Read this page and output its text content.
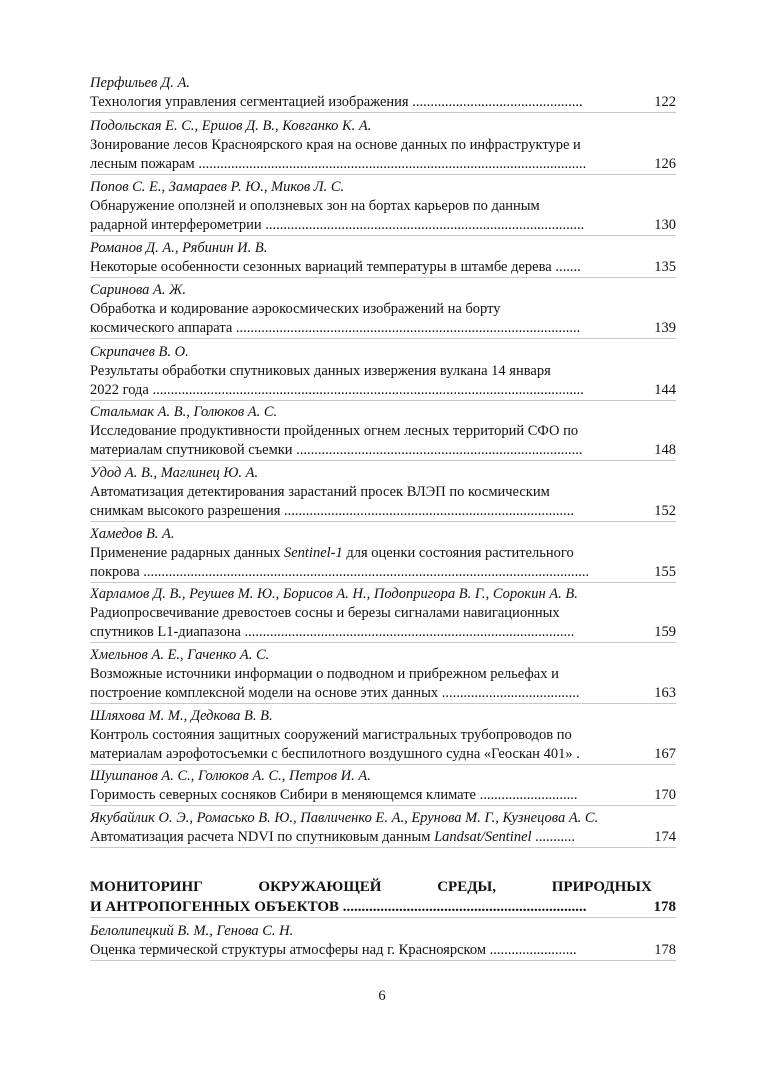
Перфильев Д. А.
Технология управления сегментацией изображения ...............................................	122
Подольская Е. С., Ершов Д. В., Ковганко К. А.
Зонирование лесов Красноярского края на основе данных по инфраструктуре и
лесным пожарам ...........................................................................................................	126
Попов С. Е., Замараев Р. Ю., Миков Л. С.
Обнаружение оползней и оползневых зон на бортах карьеров по данным
радарной интерферометрии ........................................................................................	130
Романов Д. А., Рябинин И. В.
Некоторые особенности сезонных вариаций температуры в штамбе дерева .......	135
Саринова А. Ж.
Обработка и кодирование аэрокосмических изображений на борту
космического аппарата ...............................................................................................	139
Скрипачев В. О.
Результаты обработки спутниковых данных извержения вулкана 14 января
2022 года .......................................................................................................................	144
Стальмак А. В., Голюков А. С.
Исследование продуктивности пройденных огнем лесных территорий СФО по
материалам спутниковой съемки ...............................................................................	148
Удод А. В., Маглинец Ю. А.
Автоматизация детектирования зарастаний просек ВЛЭП по космическим
снимкам высокого разрешения ................................................................................	152
Хамедов В. А.
Применение радарных данных Sentinel-1 для оценки состояния растительного
покрова ...........................................................................................................................	155
Харламов Д. В., Реушев М. Ю., Борисов А. Н., Подопригора В. Г., Сорокин А. В.
Радиопросвечивание древостоев сосны и березы сигналами навигационных
спутников L1-диапазона ...........................................................................................	159
Хмельнов А. Е., Гаченко А. С.
Возможные источники информации о подводном и прибрежном рельефах и
построение комплексной модели на основе этих данных ......................................	163
Шляхова М. М., Дедкова В. В.
Контроль состояния защитных сооружений магистральных трубопроводов по
материалам аэрофотосъемки с беспилотного воздушного судна «Геоскан 401» .	167
Шушпанов А. С., Голюков А. С., Петров И. А.
Горимость северных сосняков Сибири в меняющемся климате ...........................	170
Якубайлик О. Э., Ромасько В. Ю., Павличенко Е. А., Ерунова М. Г., Кузнецова А. С.
Автоматизация расчета NDVI по спутниковым данным Landsat/Sentinel ...........	174
МОНИТОРИНГ ОКРУЖАЮЩЕЙ СРЕДЫ, ПРИРОДНЫХ
И АНТРОПОГЕННЫХ ОБЪЕКТОВ .................................................................	178
Белолипецкий В. М., Генова С. Н.
Оценка термической структуры атмосферы над г. Красноярском ........................	178
6
